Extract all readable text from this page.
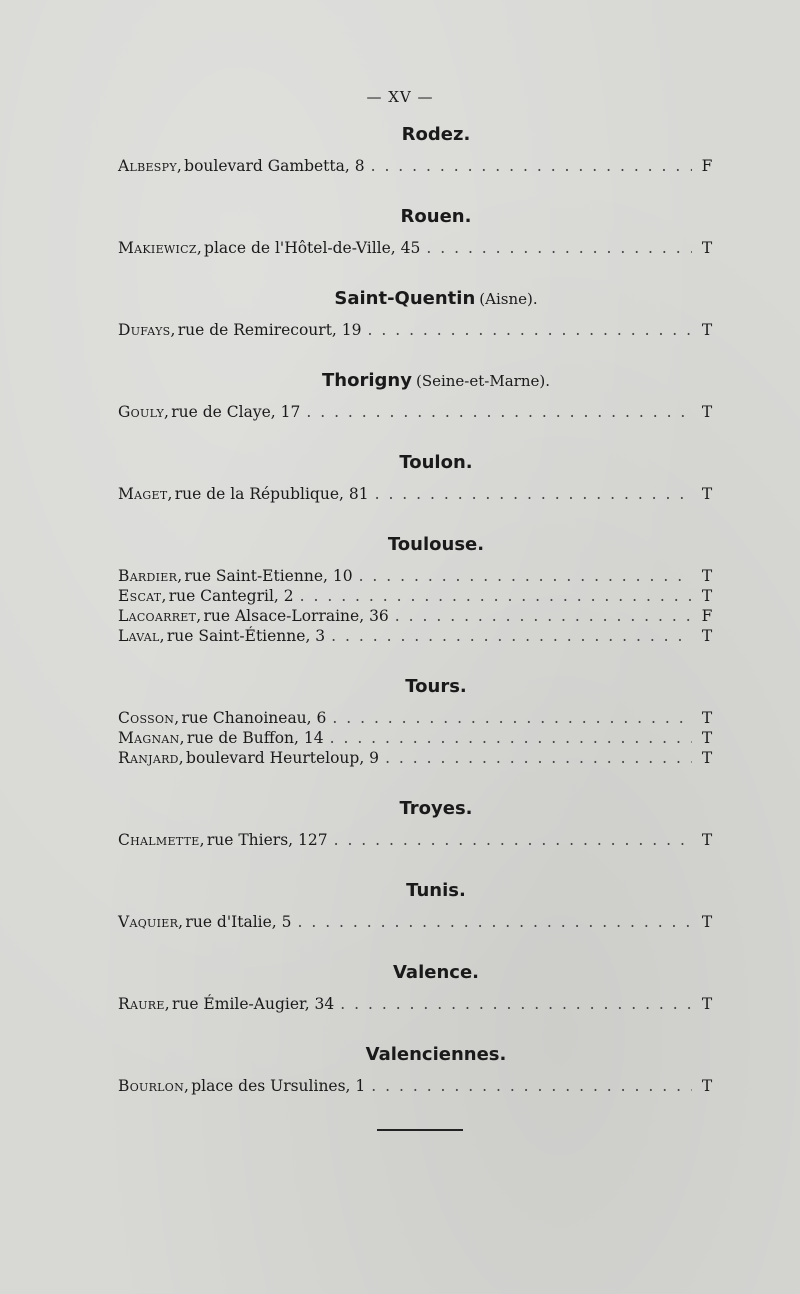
— XV —
Rodez.
Albespy, boulevard Gambetta, 8 . . .	F
Rouen.
Makiewicz, place de l'Hôtel-de-Ville, 45 . . .	T
Saint-Quentin (Aisne).
Dufays, rue de Remirecourt, 19 . . .	T
Thorigny (Seine-et-Marne).
Gouly, rue de Claye, 17 . . .	T
Toulon.
Maget, rue de la République, 81 . . .	T
Toulouse.
Bardier, rue Saint-Etienne, 10 . . .	T
Escat, rue Cantegril, 2 . . .	T
Lacoarret, rue Alsace-Lorraine, 36 . . .	F
Laval, rue Saint-Étienne, 3 . . .	T
Tours.
Cosson, rue Chanoineau, 6 . . .	T
Magnan, rue de Buffon, 14 . . .	T
Ranjard, boulevard Heurteloup, 9 . . .	T
Troyes.
Chalmette, rue Thiers, 127 . . .	T
Tunis.
Vaquier, rue d'Italie, 5 . . .	T
Valence.
Raure, rue Émile-Augier, 34 . . .	T
Valenciennes.
Bourlon, place des Ursulines, 1 . . .	T
